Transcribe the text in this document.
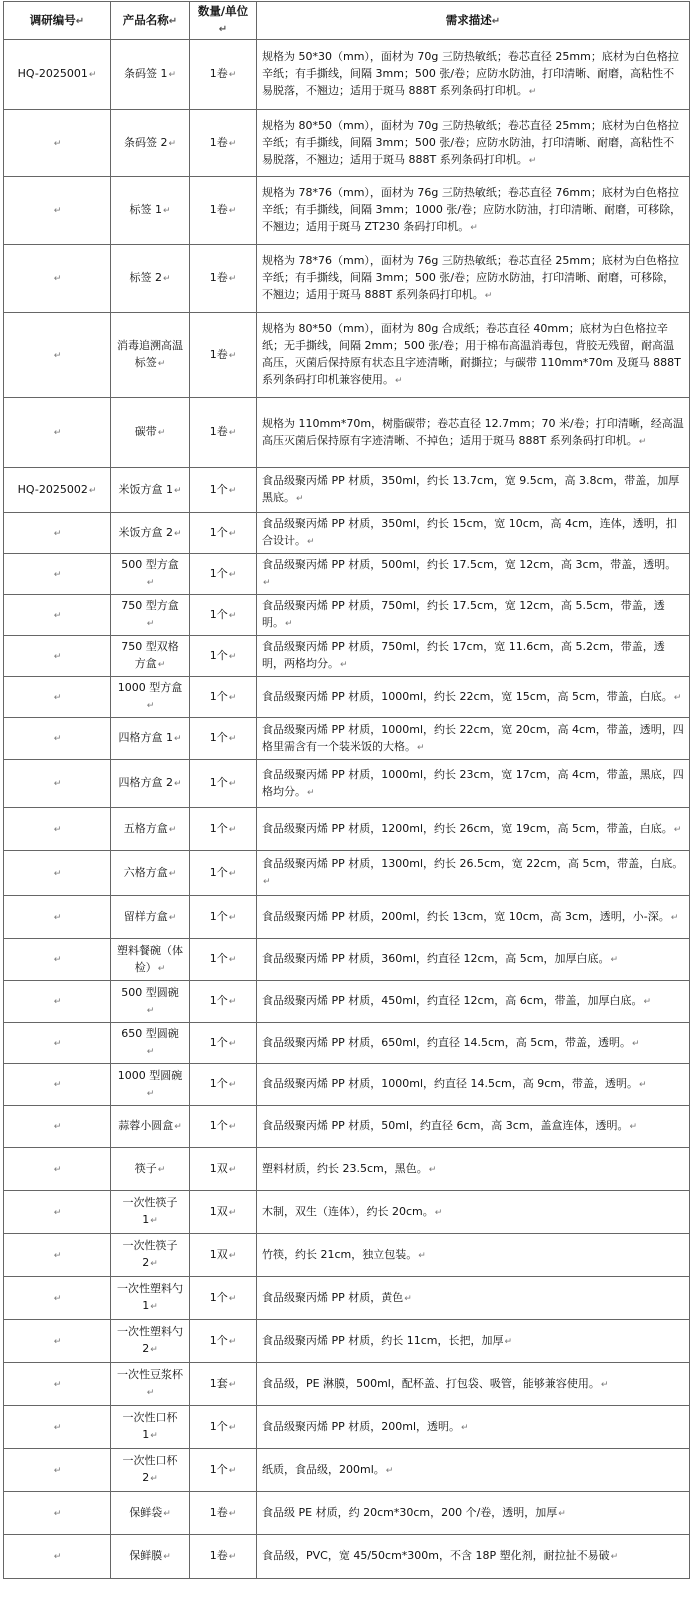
调研编号↵	产品名称↵	数量/单位↵	需求描述↵
HQ-2025001↵	条码签 1↵	1卷↵	规格为 50*30（mm），面材为 70g 三防热敏纸；卷芯直径 25mm；底材为白色格拉辛纸；有手撕线，间隔 3mm；500 张/卷；应防水防油，打印清晰、耐磨，高粘性不易脱落，不翘边；适用于斑马 888T 系列条码打印机。↵
↵	条码签 2↵	1卷↵	规格为 80*50（mm），面材为 70g 三防热敏纸；卷芯直径 25mm；底材为白色格拉辛纸；有手撕线，间隔 3mm；500 张/卷；应防水防油，打印清晰、耐磨，高粘性不易脱落，不翘边；适用于斑马 888T 系列条码打印机。↵
↵	标签 1↵	1卷↵	规格为 78*76（mm），面材为 76g 三防热敏纸；卷芯直径 76mm；底材为白色格拉辛纸；有手撕线，间隔 3mm；1000 张/卷；应防水防油，打印清晰、耐磨，可移除，不翘边；适用于斑马 ZT230 条码打印机。↵
↵	标签 2↵	1卷↵	规格为 78*76（mm），面材为 76g 三防热敏纸；卷芯直径 25mm；底材为白色格拉辛纸；有手撕线，间隔 3mm；500 张/卷；应防水防油，打印清晰、耐磨，可移除，不翘边；适用于斑马 888T 系列条码打印机。↵
↵	消毒追溯高温标签↵	1卷↵	规格为 80*50（mm），面材为 80g 合成纸；卷芯直径 40mm；底材为白色格拉辛纸；无手撕线，间隔 2mm；500 张/卷；用于棉布高温消毒包，背胶无残留，耐高温高压，灭菌后保持原有状态且字迹清晰，耐撕拉；与碳带 110mm*70m 及斑马 888T 系列条码打印机兼容使用。↵
↵	碳带↵	1卷↵	规格为 110mm*70m，树脂碳带；卷芯直径 12.7mm；70 米/卷；打印清晰，经高温高压灭菌后保持原有字迹清晰、不掉色；适用于斑马 888T 系列条码打印机。↵
HQ-2025002↵	米饭方盒 1↵	1个↵	食品级聚丙烯 PP 材质，350ml，约长 13.7cm，宽 9.5cm，高 3.8cm，带盖，加厚黑底。↵
↵	米饭方盒 2↵	1个↵	食品级聚丙烯 PP 材质，350ml，约长 15cm，宽 10cm，高 4cm，连体，透明，扣合设计。↵
↵	500 型方盒↵	1个↵	食品级聚丙烯 PP 材质，500ml，约长 17.5cm，宽 12cm，高 3cm，带盖，透明。↵
↵	750 型方盒↵	1个↵	食品级聚丙烯 PP 材质，750ml，约长 17.5cm，宽 12cm，高 5.5cm，带盖，透明。↵
↵	750 型双格方盒↵	1个↵	食品级聚丙烯 PP 材质，750ml，约长 17cm，宽 11.6cm，高 5.2cm，带盖，透明，两格均分。↵
↵	1000 型方盒↵	1个↵	食品级聚丙烯 PP 材质，1000ml，约长 22cm，宽 15cm，高 5cm，带盖，白底。↵
↵	四格方盒 1↵	1个↵	食品级聚丙烯 PP 材质，1000ml，约长 22cm，宽 20cm，高 4cm，带盖，透明，四格里需含有一个装米饭的大格。↵
↵	四格方盒 2↵	1个↵	食品级聚丙烯 PP 材质，1000ml，约长 23cm，宽 17cm，高 4cm，带盖，黑底，四格均分。↵
↵	五格方盒↵	1个↵	食品级聚丙烯 PP 材质，1200ml，约长 26cm，宽 19cm，高 5cm，带盖，白底。↵
↵	六格方盒↵	1个↵	食品级聚丙烯 PP 材质，1300ml，约长 26.5cm，宽 22cm，高 5cm，带盖，白底。↵
↵	留样方盒↵	1个↵	食品级聚丙烯 PP 材质，200ml，约长 13cm，宽 10cm，高 3cm，透明，小-深。↵
↵	塑料餐碗（体检）↵	1个↵	食品级聚丙烯 PP 材质，360ml，约直径 12cm，高 5cm，加厚白底。↵
↵	500 型圆碗↵	1个↵	食品级聚丙烯 PP 材质，450ml，约直径 12cm，高 6cm，带盖，加厚白底。↵
↵	650 型圆碗↵	1个↵	食品级聚丙烯 PP 材质，650ml，约直径 14.5cm，高 5cm，带盖，透明。↵
↵	1000 型圆碗↵	1个↵	食品级聚丙烯 PP 材质，1000ml，约直径 14.5cm，高 9cm，带盖，透明。↵
↵	蒜蓉小圆盒↵	1个↵	食品级聚丙烯 PP 材质，50ml，约直径 6cm，高 3cm，盖盒连体，透明。↵
↵	筷子↵	1双↵	塑料材质，约长 23.5cm，黑色。↵
↵	一次性筷子 1↵	1双↵	木制，双生（连体），约长 20cm。↵
↵	一次性筷子 2↵	1双↵	竹筷，约长 21cm，独立包装。↵
↵	一次性塑料勺 1↵	1个↵	食品级聚丙烯 PP 材质，黄色↵
↵	一次性塑料勺 2↵	1个↵	食品级聚丙烯 PP 材质，约长 11cm，长把，加厚↵
↵	一次性豆浆杯↵	1套↵	食品级，PE 淋膜，500ml，配杯盖、打包袋、吸管，能够兼容使用。↵
↵	一次性口杯 1↵	1个↵	食品级聚丙烯 PP 材质，200ml，透明。↵
↵	一次性口杯 2↵	1个↵	纸质，食品级，200ml。↵
↵	保鲜袋↵	1卷↵	食品级 PE 材质，约 20cm*30cm，200 个/卷，透明，加厚↵
↵	保鲜膜↵	1卷↵	食品级，PVC，宽 45/50cm*300m，不含 18P 塑化剂，耐拉扯不易破↵
